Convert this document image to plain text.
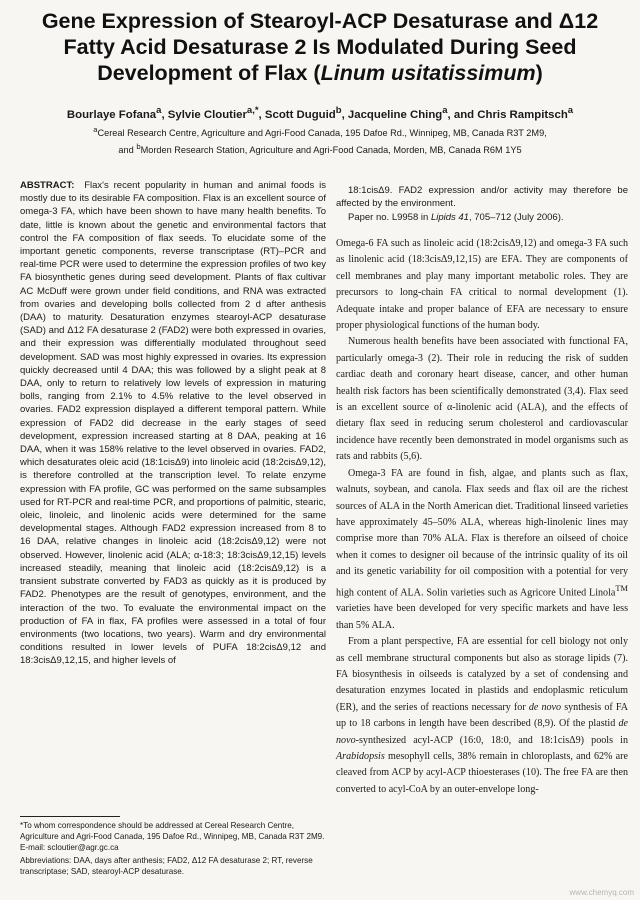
Gene Expression of Stearoyl-ACP Desaturase and Δ12
Fatty Acid Desaturase 2 Is Modulated During Seed
Development of Flax (Linum usitatissimum)

Bourlaye Fofana$^a$, Sylvie Cloutier$^{a,*}$, Scott Duguid$^b$, Jacqueline Ching$^a$, and Chris Rampitsch$^a$

$^a$Cereal Research Centre, Agriculture and Agri-Food Canada, 195 Dafoe Rd., Winnipeg, MB, Canada R3T 2M9,
and $^b$Morden Research Station, Agriculture and Agri-Food Canada, Morden, MB, Canada R6M 1Y5

ABSTRACT: Flax's recent popularity in human and animal foods is mostly due to its desirable FA composition. Flax is an excellent source of omega-3 FA, which have been shown to have many health benefits. To date, little is known about the genetic and environmental factors that control the FA composition of flax seeds. To elucidate some of the important genetic components, reverse transcriptase (RT)–PCR and real-time PCR were used to determine the expression profiles of two key FA biosynthetic genes during seed development. Plants of flax cultivar AC McDuff were grown under field conditions, and RNA was extracted from ovaries and developing bolls collected from 2 d after anthesis (DAA) to maturity. Desaturation enzymes stearoyl-ACP desaturase (SAD) and Δ12 FA desaturase 2 (FAD2) were both expressed in ovaries, and their expression was differentially modulated throughout seed development. SAD was most highly expressed in ovaries. Its expression quickly decreased until 4 DAA; this was followed by a slight peak at 8 DAA, only to return to relatively low levels of expression in maturing bolls, ranging from 2.1% to 4.5% relative to the level observed in ovaries. FAD2 expression displayed a different temporal pattern. While expression of FAD2 did decrease in the early stages of seed development, expression increased starting at 8 DAA, peaking at 16 DAA, when it was 158% relative to the level observed in ovaries. FAD2, which desaturates oleic acid (18:1cisΔ9) into linoleic acid (18:2cisΔ9,12), is therefore controlled at the transcription level. To relate enzyme expression with FA profile, GC was performed on the same subsamples used for RT-PCR and real-time PCR, and proportions of palmitic, stearic, oleic, linoleic, and linolenic acids were determined for the same developmental stages. Although FAD2 expression increased from 8 to 16 DAA, relative changes in linoleic acid (18:2cisΔ9,12) were not observed. However, linolenic acid (ALA; α-18:3; 18:3cisΔ9,12,15) levels increased steadily, meaning that linoleic acid (18:2cisΔ9,12) is a transient substrate converted by FAD3 as quickly as it is produced by FAD2. Phenotypes are the result of genotypes, environment, and the interaction of the two. To evaluate the environmental impact on the production of FA in flax, FA profiles were assessed in a total of four environments (two locations, two years). Warm and dry environmental conditions resulted in lower levels of PUFA 18:2cisΔ9,12 and 18:3cisΔ9,12,15, and higher levels of

18:1cisΔ9. FAD2 expression and/or activity may therefore be affected by the environment.

Paper no. L9958 in Lipids 41, 705–712 (July 2006).

Omega-6 FA such as linoleic acid (18:2cisΔ9,12) and omega-3 FA such as linolenic acid (18:3cisΔ9,12,15) are EFA. They are components of cell membranes and play many important metabolic roles. They are precursors to long-chain FA critical to normal development (1). Adequate intake and proper balance of EFA are necessary to ensure proper physiological functions of the human body.

Numerous health benefits have been associated with functional FA, particularly omega-3 (2). Their role in reducing the risk of sudden cardiac death and coronary heart disease, cancer, and other human health risk factors has been scientifically demonstrated (3,4). Flax seed is an excellent source of α-linolenic acid (ALA), and the effects of dietary flax seed in reducing serum cholesterol and cardiovascular incidence have recently been demonstrated in model organisms such as rats and rabbits (5,6).

Omega-3 FA are found in fish, algae, and plants such as flax, walnuts, soybean, and canola. Flax seeds and flax oil are the richest sources of ALA in the North American diet. Traditional linseed varieties have approximately 45–50% ALA, whereas high-linolenic lines may comprise more than 70% ALA. Flax is therefore an oilseed of choice when it comes to designer oil because of the intrinsic quality of its oil and its genetic variability for oil composition with a potential for very high content of ALA. Solin varieties such as Agricore United Linola™ varieties have been developed for very specific markets and have less than 5% ALA.

From a plant perspective, FA are essential for cell biology not only as cell membrane structural components but also as storage lipids (7). FA biosynthesis in oilseeds is catalyzed by a set of condensing and desaturation enzymes located in plastids and endoplasmic reticulum (ER), and the series of reactions necessary for de novo synthesis of FA up to 18 carbons in length have been described (8,9). Of the plastid de novo-synthesized acyl-ACP (16:0, 18:0, and 18:1cisΔ9) pools in Arabidopsis mesophyll cells, 38% remain in chloroplasts, and 62% are cleaved from ACP by acyl-ACP thioesterases (10). The free FA are then converted to acyl-CoA by an outer-envelope long-

*To whom correspondence should be addressed at Cereal Research Centre, Agriculture and Agri-Food Canada, 195 Dafoe Rd., Winnipeg, MB, Canada R3T 2M9. E-mail: scloutier@agr.gc.ca

Abbreviations: DAA, days after anthesis; FAD2, Δ12 FA desaturase 2; RT, reverse transcriptase; SAD, stearoyl-ACP desaturase.

www.chemyq.com
